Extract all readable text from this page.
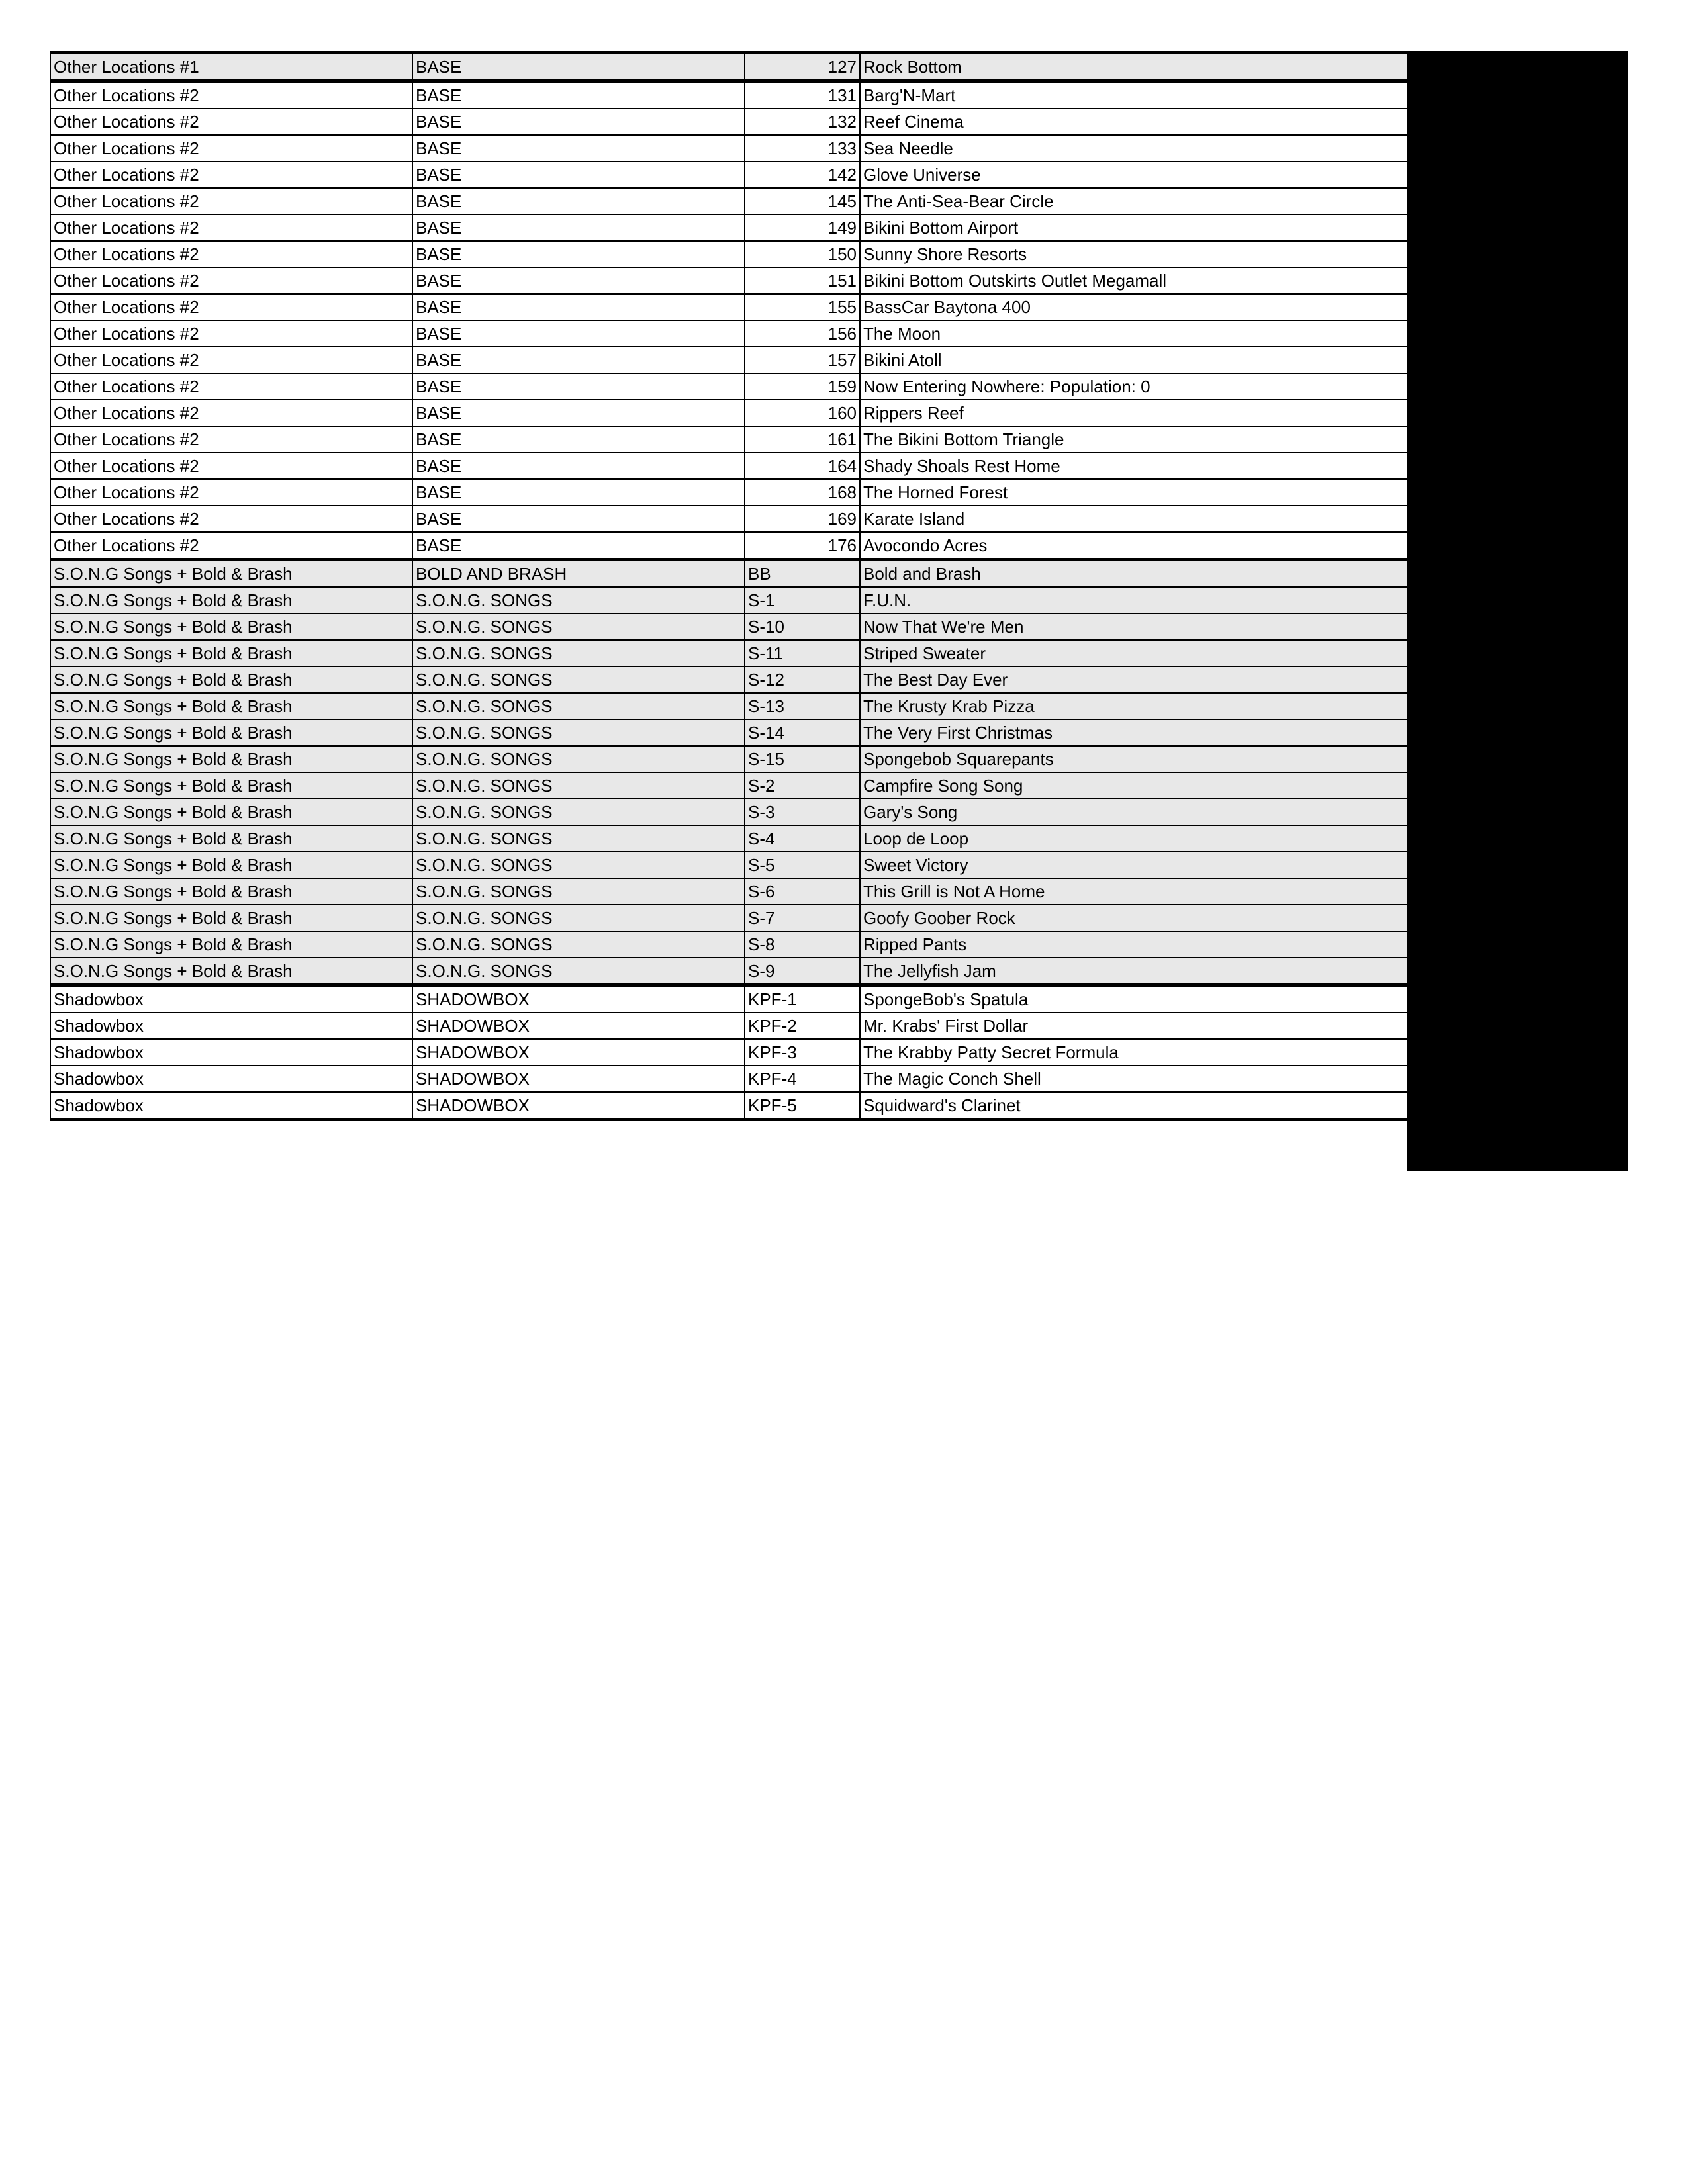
Other Locations #1	BASE	127	Rock Bottom
Other Locations #2	BASE	131	Barg'N-Mart
Other Locations #2	BASE	132	Reef Cinema
Other Locations #2	BASE	133	Sea Needle
Other Locations #2	BASE	142	Glove Universe
Other Locations #2	BASE	145	The Anti-Sea-Bear Circle
Other Locations #2	BASE	149	Bikini Bottom Airport
Other Locations #2	BASE	150	Sunny Shore Resorts
Other Locations #2	BASE	151	Bikini Bottom Outskirts Outlet Megamall
Other Locations #2	BASE	155	BassCar Baytona 400
Other Locations #2	BASE	156	The Moon
Other Locations #2	BASE	157	Bikini Atoll
Other Locations #2	BASE	159	Now Entering Nowhere: Population: 0
Other Locations #2	BASE	160	Rippers Reef
Other Locations #2	BASE	161	The Bikini Bottom Triangle
Other Locations #2	BASE	164	Shady Shoals Rest Home
Other Locations #2	BASE	168	The Horned Forest
Other Locations #2	BASE	169	Karate Island
Other Locations #2	BASE	176	Avocondo Acres
S.O.N.G Songs + Bold & Brash	BOLD AND BRASH	BB	Bold and Brash
S.O.N.G Songs + Bold & Brash	S.O.N.G. SONGS	S-1	F.U.N.
S.O.N.G Songs + Bold & Brash	S.O.N.G. SONGS	S-10	Now That We're Men
S.O.N.G Songs + Bold & Brash	S.O.N.G. SONGS	S-11	Striped Sweater
S.O.N.G Songs + Bold & Brash	S.O.N.G. SONGS	S-12	The Best Day Ever
S.O.N.G Songs + Bold & Brash	S.O.N.G. SONGS	S-13	The Krusty Krab Pizza
S.O.N.G Songs + Bold & Brash	S.O.N.G. SONGS	S-14	The Very First Christmas
S.O.N.G Songs + Bold & Brash	S.O.N.G. SONGS	S-15	Spongebob Squarepants
S.O.N.G Songs + Bold & Brash	S.O.N.G. SONGS	S-2	Campfire Song Song
S.O.N.G Songs + Bold & Brash	S.O.N.G. SONGS	S-3	Gary's Song
S.O.N.G Songs + Bold & Brash	S.O.N.G. SONGS	S-4	Loop de Loop
S.O.N.G Songs + Bold & Brash	S.O.N.G. SONGS	S-5	Sweet Victory
S.O.N.G Songs + Bold & Brash	S.O.N.G. SONGS	S-6	This Grill is Not A Home
S.O.N.G Songs + Bold & Brash	S.O.N.G. SONGS	S-7	Goofy Goober Rock
S.O.N.G Songs + Bold & Brash	S.O.N.G. SONGS	S-8	Ripped Pants
S.O.N.G Songs + Bold & Brash	S.O.N.G. SONGS	S-9	The Jellyfish Jam
Shadowbox	SHADOWBOX	KPF-1	SpongeBob's Spatula
Shadowbox	SHADOWBOX	KPF-2	Mr. Krabs' First Dollar
Shadowbox	SHADOWBOX	KPF-3	The Krabby Patty Secret Formula
Shadowbox	SHADOWBOX	KPF-4	The Magic Conch Shell
Shadowbox	SHADOWBOX	KPF-5	Squidward's Clarinet
